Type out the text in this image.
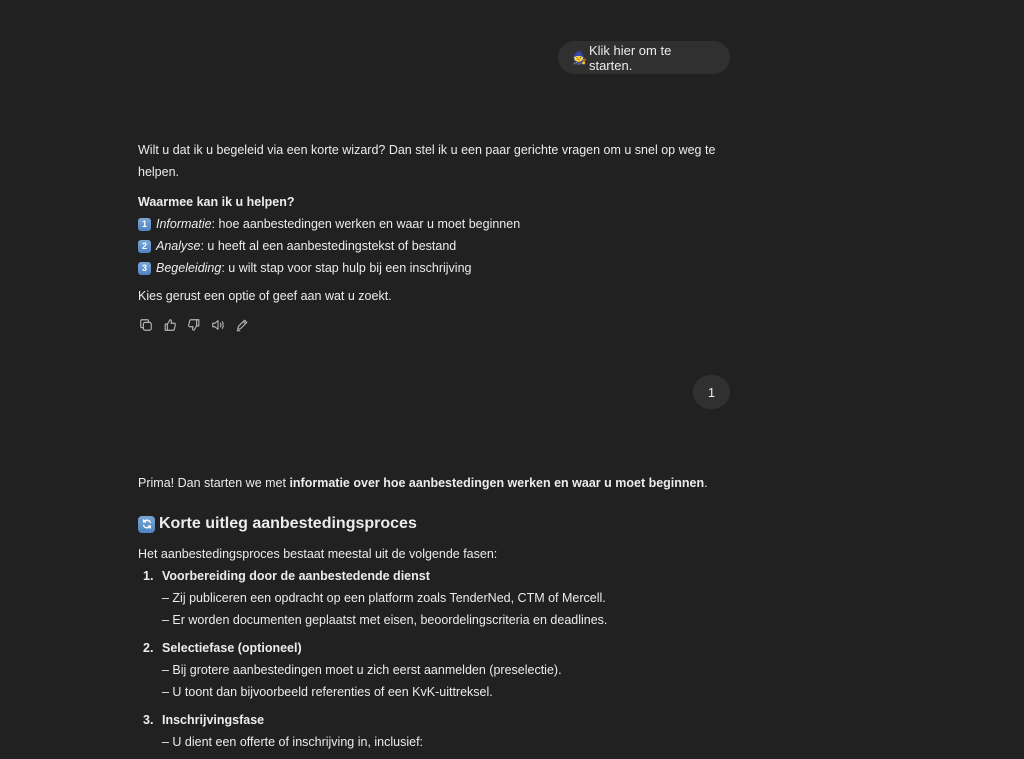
🧙 Klik hier om te starten.

Wilt u dat ik u begeleid via een korte wizard? Dan stel ik u een paar gerichte vragen om u snel op weg te helpen.

Waarmee kan ik u helpen?

1 Informatie : hoe aanbestedingen werken en waar u moet beginnen
2 Analyse : u heeft al een aanbestedingstekst of bestand
3 Begeleiding : u wilt stap voor stap hulp bij een inschrijving

Kies gerust een optie of geef aan wat u zoekt.

1

Prima! Dan starten we met informatie over hoe aanbestedingen werken en waar u moet beginnen.

Korte uitleg aanbestedingsproces

Het aanbestedingsproces bestaat meestal uit de volgende fasen:

1. Voorbereiding door de aanbestedende dienst
– Zij publiceren een opdracht op een platform zoals TenderNed, CTM of Mercell.
– Er worden documenten geplaatst met eisen, beoordelingscriteria en deadlines.
2. Selectiefase (optioneel)
– Bij grotere aanbestedingen moet u zich eerst aanmelden (preselectie).
– U toont dan bijvoorbeeld referenties of een KvK-uittreksel.
3. Inschrijvingsfase
– U dient een offerte of inschrijving in, inclusief:
